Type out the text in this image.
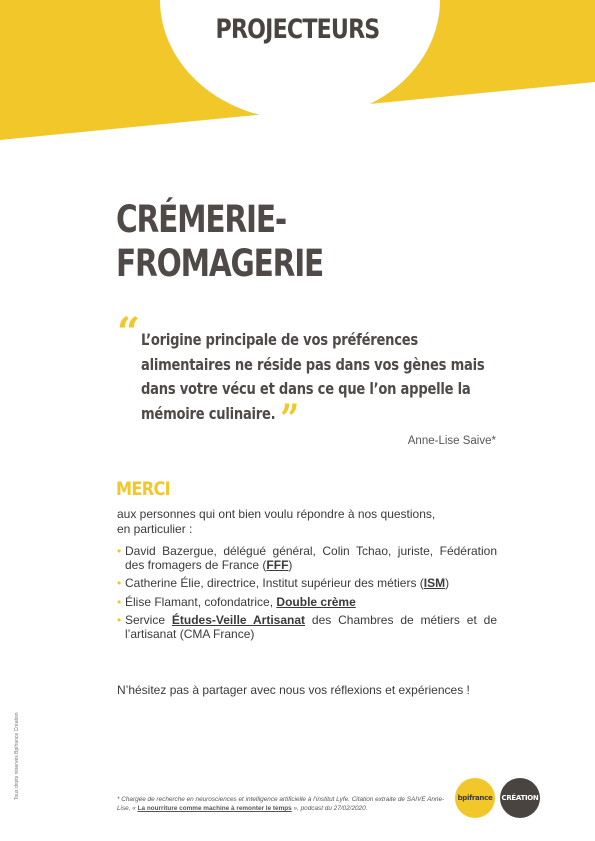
PROJECTEURS
CRÉMERIE-
FROMAGERIE
“ L’origine principale de vos préférences alimentaires ne réside pas dans vos gènes mais dans votre vécu et dans ce que l’on appelle la mémoire culinaire. ”	Anne-Lise Saive*
MERCI
aux personnes qui ont bien voulu répondre à nos questions,
en particulier :
• David Bazergue, délégué général, Colin Tchao, juriste, Fédération des fromagers de France (FFF)
• Catherine Élie, directrice, Institut supérieur des métiers (ISM)
• Élise Flamant, cofondatrice, Double crème
• Service Études-Veille Artisanat des Chambres de métiers et de l’artisanat (CMA France)
N’hésitez pas à partager avec nous vos réflexions et expériences !
Tous droits réservés Bpifrance Création	* Chargée de recherche en neurosciences et intelligence artificielle à l’institut Lyfe. Citation extraite de SAIVE Anne-Lise, « La nourriture comme machine à remonter le temps », podcast du 27/02/2020.
bpifrance	CRÉATION
